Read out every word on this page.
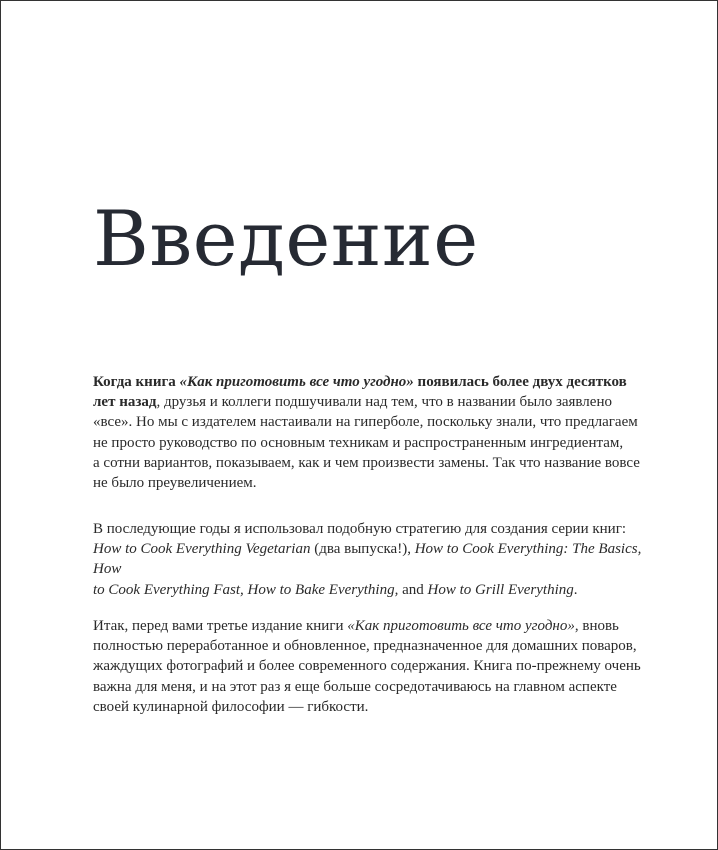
Введение

Когда книга «Как приготовить все что угодно» появилась более двух десятков
лет назад, друзья и коллеги подшучивали над тем, что в названии было заявлено
«все». Но мы с издателем настаивали на гиперболе, поскольку знали, что предлагаем
не просто руководство по основным техникам и распространенным ингредиентам,
а сотни вариантов, показываем, как и чем произвести замены. Так что название вовсе
не было преувеличением.

В последующие годы я использовал подобную стратегию для создания серии книг:
How to Cook Everything Vegetarian (два выпуска!), How to Cook Everything: The Basics, How
to Cook Everything Fast, How to Bake Everything, and How to Grill Everything.

Итак, перед вами третье издание книги «Как приготовить все что угодно», вновь
полностью переработанное и обновленное, предназначенное для домашних поваров,
жаждущих фотографий и более современного содержания. Книга по-прежнему очень
важна для меня, и на этот раз я еще больше сосредотачиваюсь на главном аспекте
своей кулинарной философии — гибкости.
